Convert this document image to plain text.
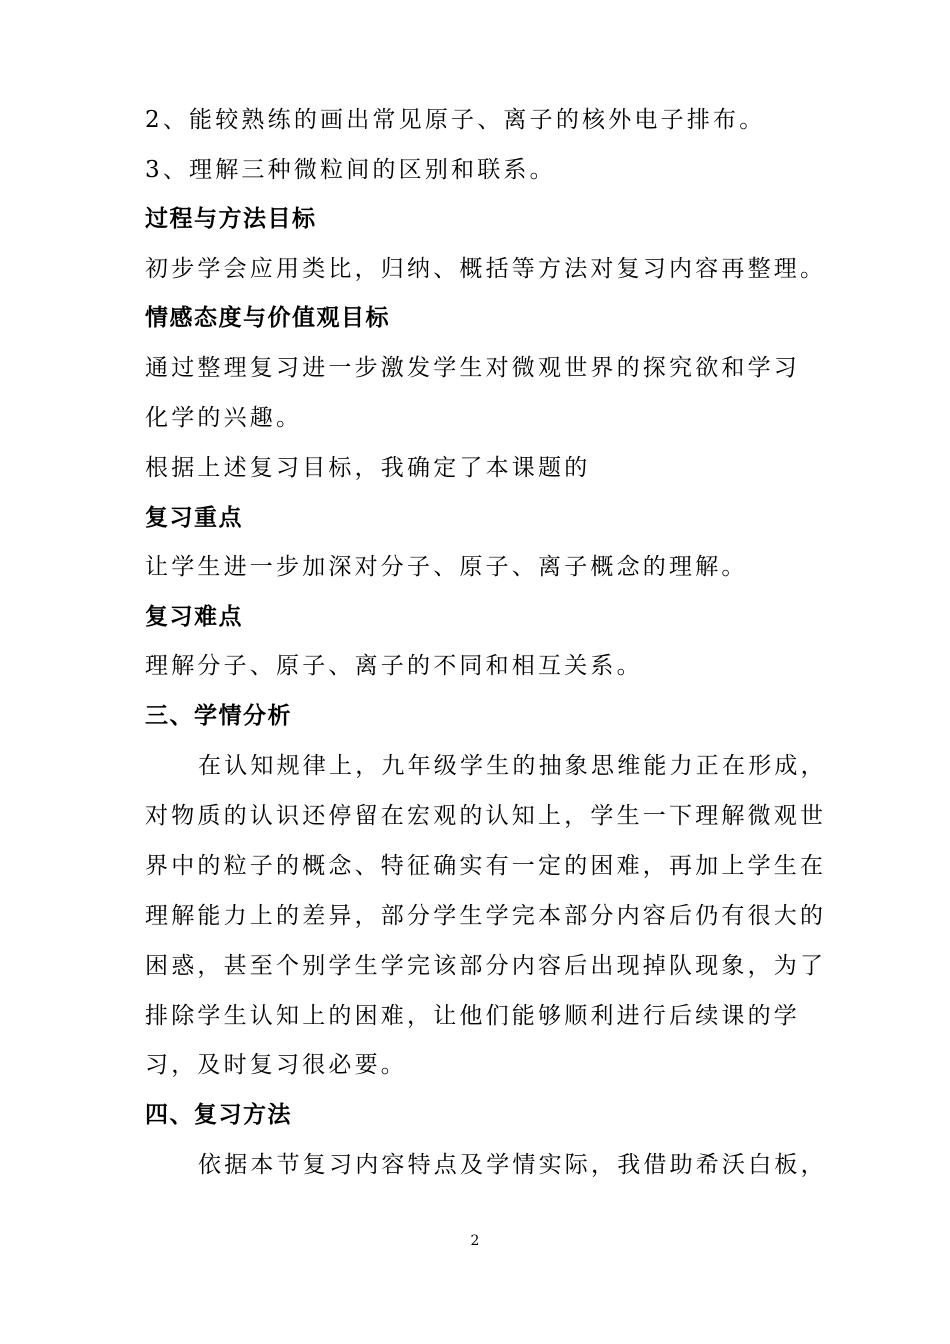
2、能较熟练的画出常见原子、离子的核外电子排布。
3、理解三种微粒间的区别和联系。
过程与方法目标
初步学会应用类比，归纳、概括等方法对复习内容再整理。
情感态度与价值观目标
通过整理复习进一步激发学生对微观世界的探究欲和学习
化学的兴趣。
根据上述复习目标，我确定了本课题的
复习重点
让学生进一步加深对分子、原子、离子概念的理解。
复习难点
理解分子、原子、离子的不同和相互关系。
三、学情分析
在认知规律上，九年级学生的抽象思维能力正在形成，
对物质的认识还停留在宏观的认知上，学生一下理解微观世
界中的粒子的概念、特征确实有一定的困难，再加上学生在
理解能力上的差异，部分学生学完本部分内容后仍有很大的
困惑，甚至个别学生学完该部分内容后出现掉队现象，为了
排除学生认知上的困难，让他们能够顺利进行后续课的学
习，及时复习很必要。
四、复习方法
依据本节复习内容特点及学情实际，我借助希沃白板，
2
